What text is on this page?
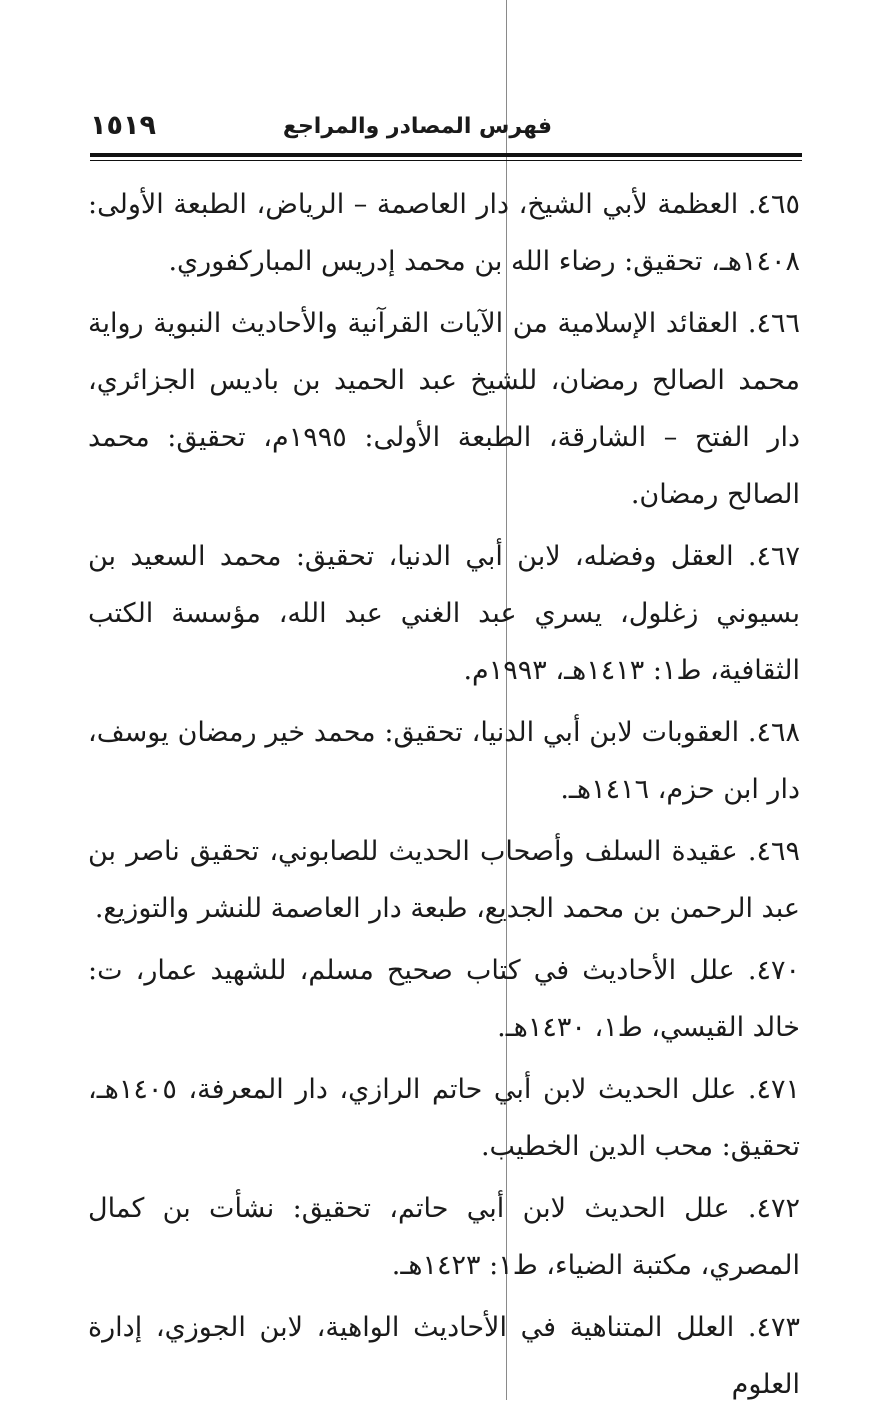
فهرس المصادر والمراجع
١٥١٩

٤٦٥. العظمة لأبي الشيخ، دار العاصمة – الرياض، الطبعة الأولى: ١٤٠٨هـ، تحقيق: رضاء الله بن محمد إدريس المباركفوري.

٤٦٦. العقائد الإسلامية من الآيات القرآنية والأحاديث النبوية رواية محمد الصالح رمضان، للشيخ عبد الحميد بن باديس الجزائري، دار الفتح – الشارقة، الطبعة الأولى: ١٩٩٥م، تحقيق: محمد الصالح رمضان.

٤٦٧. العقل وفضله، لابن أبي الدنيا، تحقيق: محمد السعيد بن بسيوني زغلول، يسري عبد الغني عبد الله، مؤسسة الكتب الثقافية، ط١: ١٤١٣هـ، ١٩٩٣م.

٤٦٨. العقوبات لابن أبي الدنيا، تحقيق: محمد خير رمضان يوسف، دار ابن حزم، ١٤١٦هـ.

٤٦٩. عقيدة السلف وأصحاب الحديث للصابوني، تحقيق ناصر بن عبد الرحمن بن محمد الجديع، طبعة دار العاصمة للنشر والتوزيع.

٤٧٠. علل الأحاديث في كتاب صحيح مسلم، للشهيد عمار، ت: خالد القيسي، ط١، ١٤٣٠هـ.

٤٧١. علل الحديث لابن أبي حاتم الرازي، دار المعرفة، ١٤٠٥هـ، تحقيق: محب الدين الخطيب.

٤٧٢. علل الحديث لابن أبي حاتم، تحقيق: نشأت بن كمال المصري، مكتبة الضياء، ط١: ١٤٢٣هـ.

٤٧٣. العلل المتناهية في الأحاديث الواهية، لابن الجوزي، إدارة العلوم
